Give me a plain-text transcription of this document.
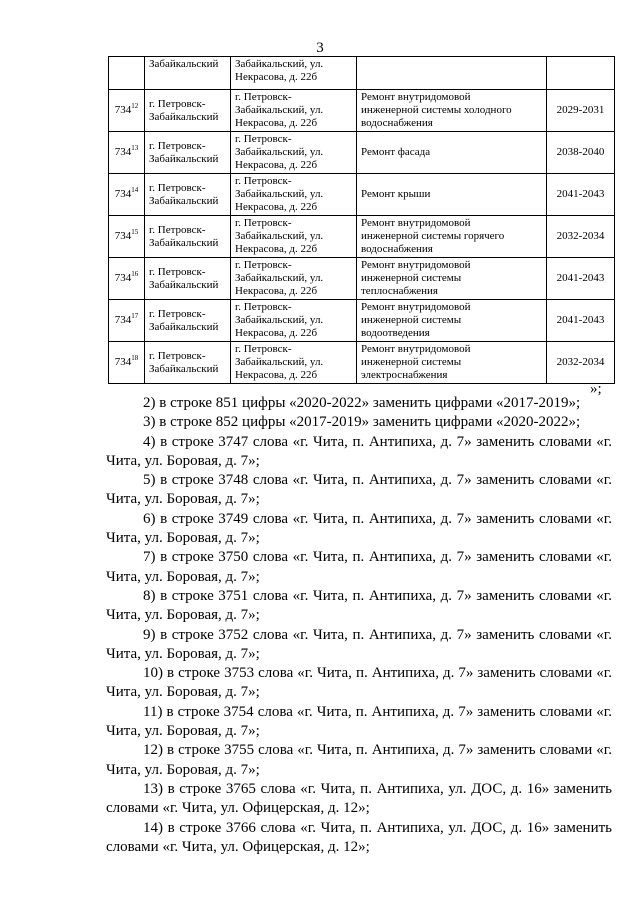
3
	Забайкальский	Забайкальский, ул.
Некрасова, д. 22б		
$734^{12}$	г. Петровск-
Забайкальский	г. Петровск-
Забайкальский, ул.
Некрасова, д. 22б	Ремонт внутридомовой
инженерной системы холодного
водоснабжения	2029-2031
$734^{13}$	г. Петровск-
Забайкальский	г. Петровск-
Забайкальский, ул.
Некрасова, д. 22б	Ремонт фасада	2038-2040
$734^{14}$	г. Петровск-
Забайкальский	г. Петровск-
Забайкальский, ул.
Некрасова, д. 22б	Ремонт крыши	2041-2043
$734^{15}$	г. Петровск-
Забайкальский	г. Петровск-
Забайкальский, ул.
Некрасова, д. 22б	Ремонт внутридомовой
инженерной системы горячего
водоснабжения	2032-2034
$734^{16}$	г. Петровск-
Забайкальский	г. Петровск-
Забайкальский, ул.
Некрасова, д. 22б	Ремонт внутридомовой
инженерной системы
теплоснабжения	2041-2043
$734^{17}$	г. Петровск-
Забайкальский	г. Петровск-
Забайкальский, ул.
Некрасова, д. 22б	Ремонт внутридомовой
инженерной системы
водоотведения	2041-2043
$734^{18}$	г. Петровск-
Забайкальский	г. Петровск-
Забайкальский, ул.
Некрасова, д. 22б	Ремонт внутридомовой
инженерной системы
электроснабжения	2032-2034
»;

2) в строке 851 цифры «2020-2022» заменить цифрами «2017-2019»;

3) в строке 852 цифры «2017-2019» заменить цифрами «2020-2022»;

4) в строке 3747 слова «г. Чита, п. Антипиха, д. 7» заменить словами «г. Чита, ул. Боровая, д. 7»;

5) в строке 3748 слова «г. Чита, п. Антипиха, д. 7» заменить словами «г. Чита, ул. Боровая, д. 7»;

6) в строке 3749 слова «г. Чита, п. Антипиха, д. 7» заменить словами «г. Чита, ул. Боровая, д. 7»;

7) в строке 3750 слова «г. Чита, п. Антипиха, д. 7» заменить словами «г. Чита, ул. Боровая, д. 7»;

8) в строке 3751 слова «г. Чита, п. Антипиха, д. 7» заменить словами «г. Чита, ул. Боровая, д. 7»;

9) в строке 3752 слова «г. Чита, п. Антипиха, д. 7» заменить словами «г. Чита, ул. Боровая, д. 7»;

10) в строке 3753 слова «г. Чита, п. Антипиха, д. 7» заменить словами «г. Чита, ул. Боровая, д. 7»;

11) в строке 3754 слова «г. Чита, п. Антипиха, д. 7» заменить словами «г. Чита, ул. Боровая, д. 7»;

12) в строке 3755 слова «г. Чита, п. Антипиха, д. 7» заменить словами «г. Чита, ул. Боровая, д. 7»;

13) в строке 3765 слова «г. Чита, п. Антипиха, ул. ДОС, д. 16» заменить словами «г. Чита, ул. Офицерская, д. 12»;

14) в строке 3766 слова «г. Чита, п. Антипиха, ул. ДОС, д. 16» заменить словами «г. Чита, ул. Офицерская, д. 12»;
